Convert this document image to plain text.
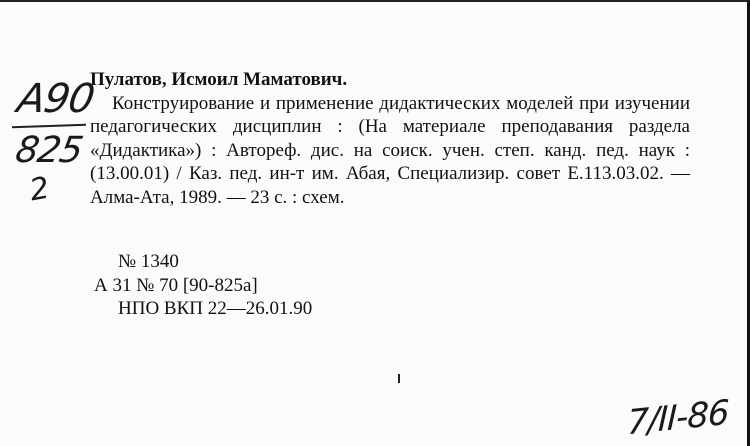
A90
825
2
Пулатов, Исмоил Маматович.
Конструирование и применение дидактических моделей при изучении педагогических дисциплин : (На материале преподавания раздела «Дидактика») : Автореф. дис. на соиск. учен. степ. канд. пед. наук : (13.00.01) / Каз. пед. ин-т им. Абая, Специализир. совет Е.113.03.02. — Алма-Ата, 1989. — 23 с. : схем.
№ 1340
А 31 № 70 [90-825а]
НПО ВКП 22—26.01.90
7/II-86
